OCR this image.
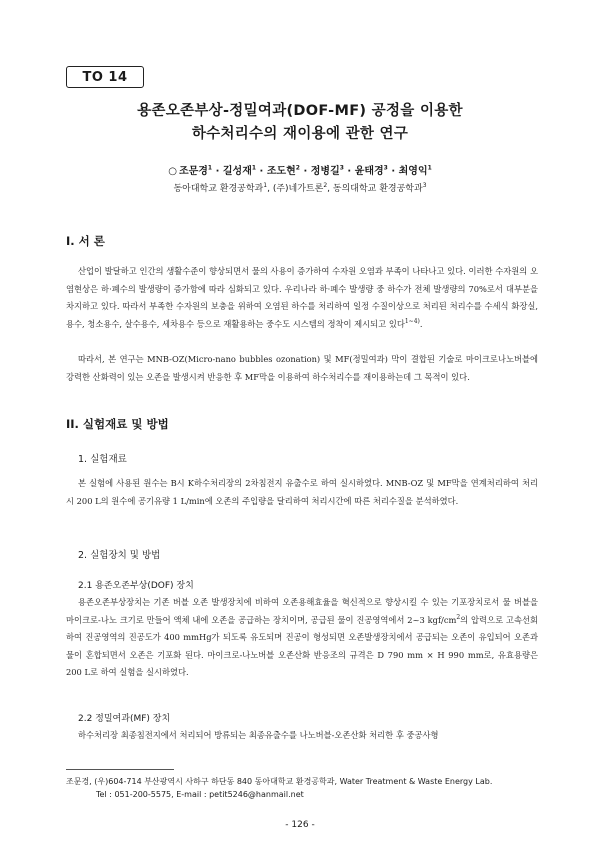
TO 14
용존오존부상-정밀여과(DOF-MF) 공정을 이용한
하수처리수의 재이용에 관한 연구
○ 조문경$^1$ · 길성재$^1$ · 조도현$^2$ · 정병길$^3$ · 윤태경$^3$ · 최영익$^1$
동아대학교 환경공학과$^1$, (주)네가트론$^2$, 동의대학교 환경공학과$^3$
I. 서 론

산업이 발달하고 인간의 생활수준이 향상되면서 물의 사용이 증가하여 수자원 오염과 부족이 나타나고 있다. 이러한 수자원의 오염현상은 하·폐수의 발생량이 증가함에 따라 심화되고 있다. 우리나라 하·폐수 발생량 중 하수가 전체 발생량의 70%로서 대부분을 차지하고 있다. 따라서 부족한 수자원의 보충을 위하여 오염된 하수를 처리하여 일정 수질이상으로 처리된 처리수를 수세식 화장실, 용수, 청소용수, 살수용수, 세차용수 등으로 재활용하는 중수도 시스템의 정착이 제시되고 있다$^{1\sim 4)}$.

따라서, 본 연구는 MNB-OZ(Micro-nano bubbles ozonation) 및 MF(정밀여과) 막이 결합된 기술로 마이크로나노버블에 강력한 산화력이 있는 오존을 발생시켜 반응한 후 MF막을 이용하여 하수처리수를 재이용하는데 그 목적이 있다.

II. 실험재료 및 방법
1. 실험재료

본 실험에 사용된 원수는 B시 K하수처리장의 2차침전지 유출수로 하여 실시하였다. MNB-OZ 및 MF막을 연계처리하여 처리시 200 L의 원수에 공기유량 1 L/min에 오존의 주입량을 달리하여 처리시간에 따른 처리수질을 분석하였다.

2. 실험장치 및 방법
2.1 용존오존부상(DOF) 장치

용존오존부상장치는 기존 버블 오존 발생장치에 비하여 오존용해효율을 혁신적으로 향상시킬 수 있는 기포장치로서 물 버블을 마이크로-나노 크기로 만들어 액체 내에 오존을 공급하는 장치이며, 공급된 물이 진공영역에서 2~3 kgf/$cm^2$의 압력으로 고속선회하여 진공영역의 진공도가 400 mmHg가 되도록 유도되며 진공이 형성되면 오존발생장치에서 공급되는 오존이 유입되어 오존과 물이 혼합되면서 오존은 기포화 된다. 마이크로-나노버블 오존산화 반응조의 규격은 D 790 mm × H 990 mm로, 유효용량은 200 L로 하여 실험을 실시하였다.

2.2 정밀여과(MF) 장치

하수처리장 최종침전지에서 처리되어 방류되는 최종유출수를 나노버블-오존산화 처리한 후 중공사형

조문경, (우)604-714 부산광역시 사하구 하단동 840 동아대학교 환경공학과, Water Treatment & Waste Energy Lab.
Tel : 051-200-5575, E-mail : petit5246@hanmail.net
- 126 -
